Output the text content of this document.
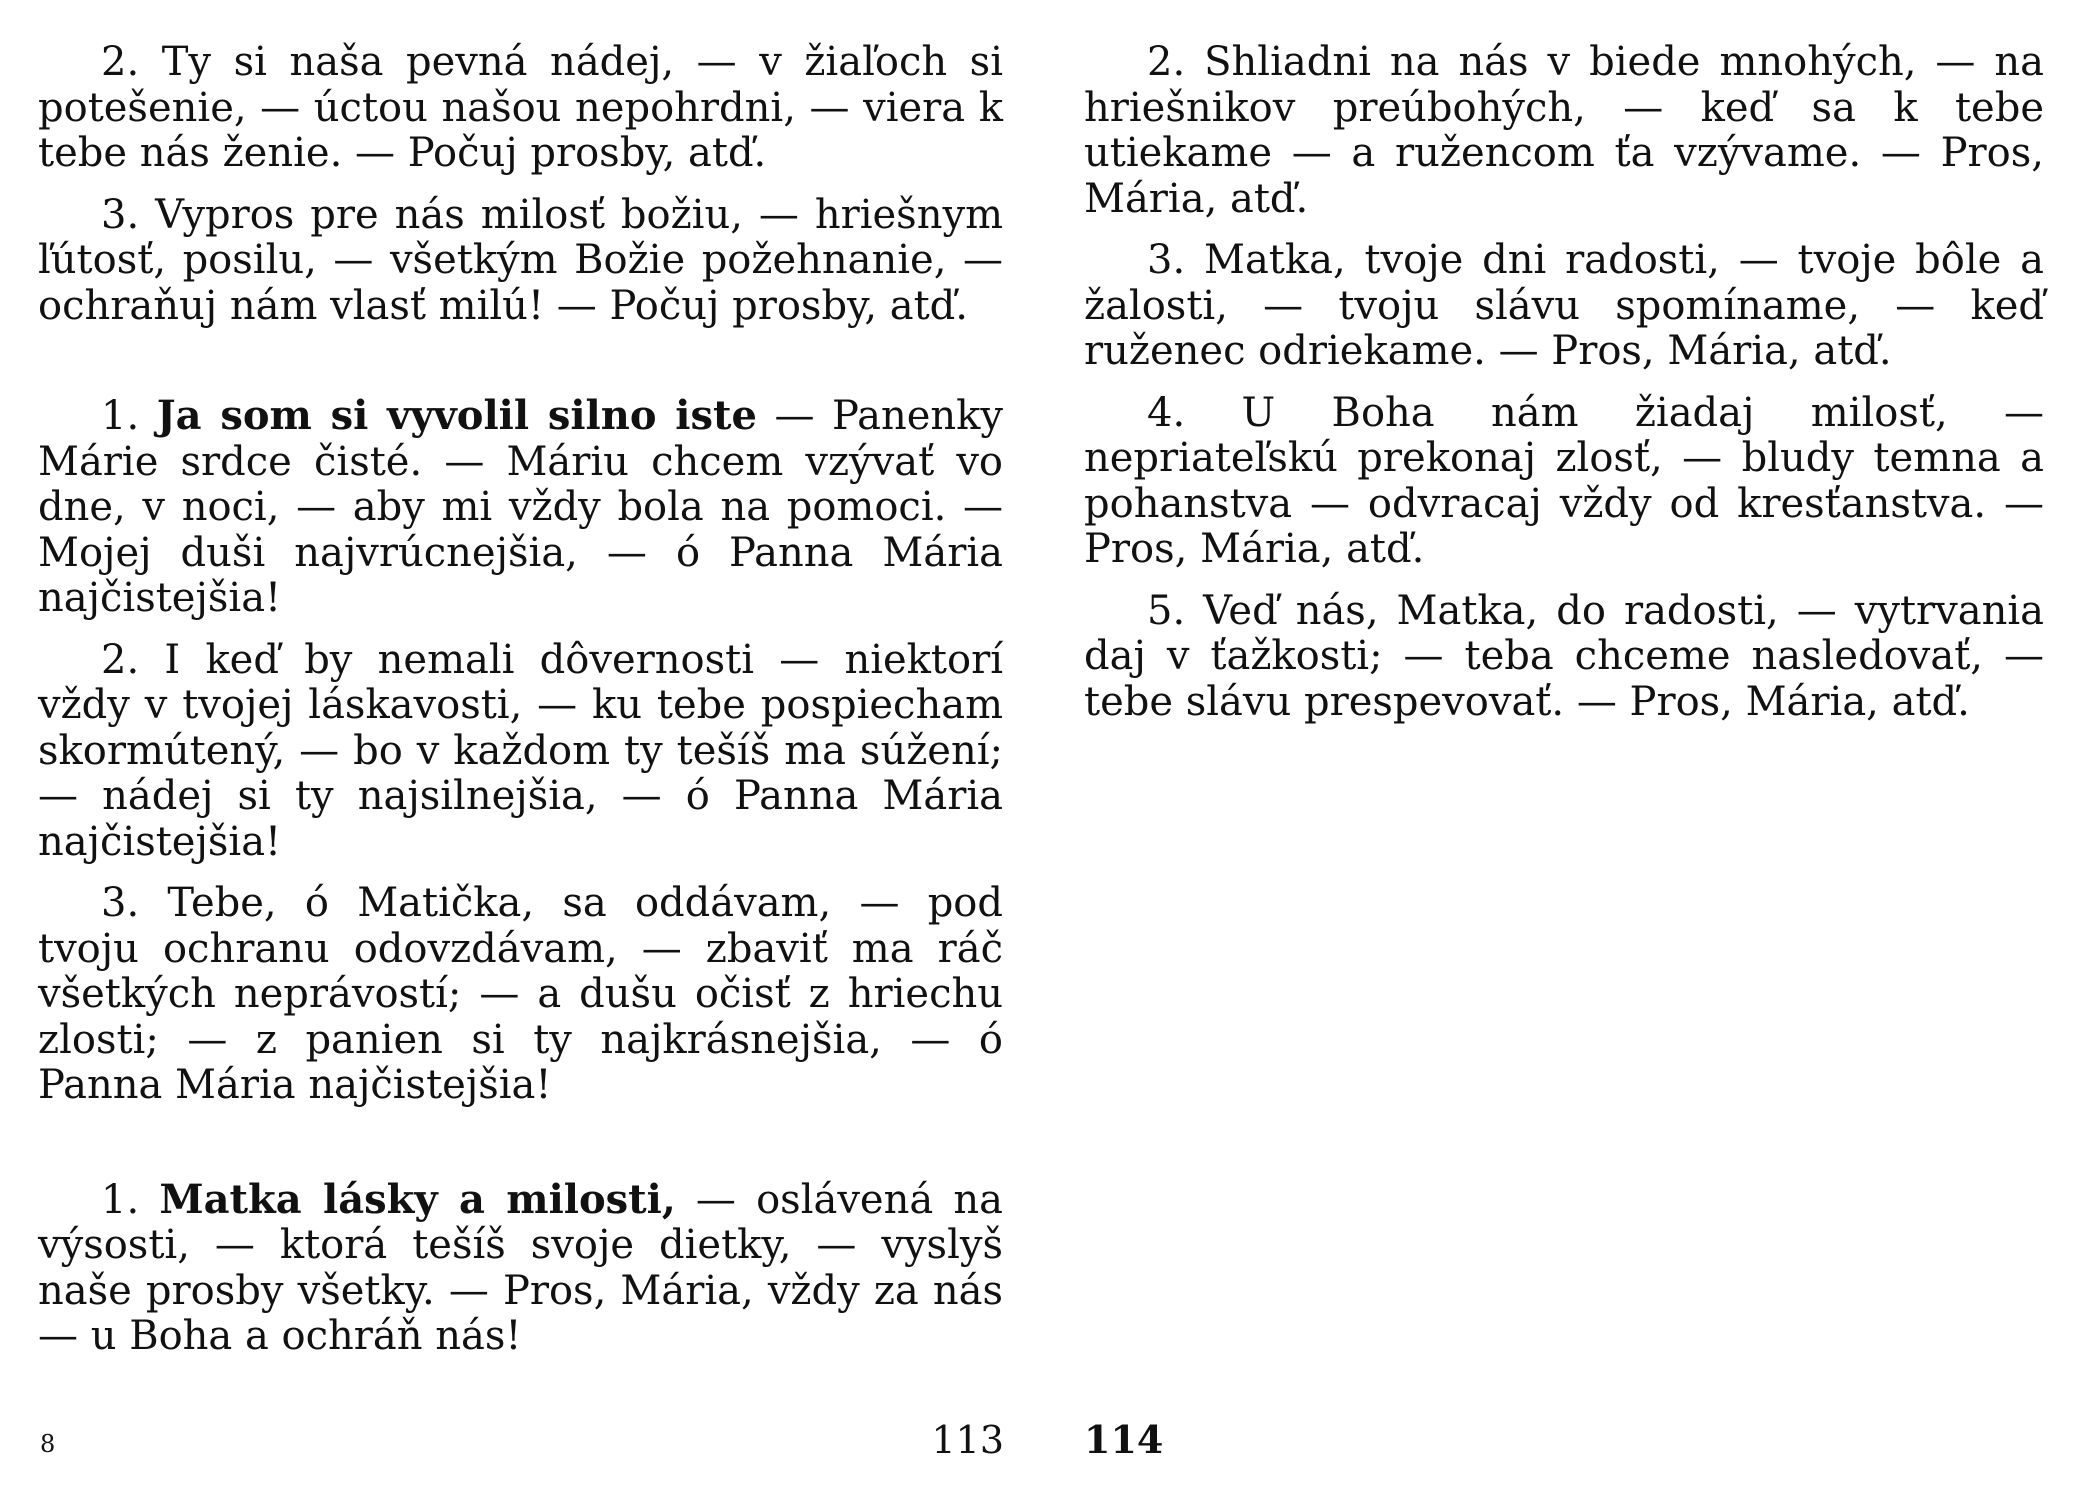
2. Ty si naša pevná nádej, — v žiaľoch si potešenie, — úctou našou nepohrdni, — viera k tebe nás ženie. — Počuj prosby, atď.

3. Vypros pre nás milosť božiu, — hriešnym ľútosť, posilu, — všetkým Božie požehnanie, — ochraňuj nám vlasť milú! — Počuj prosby, atď.

1. Ja som si vyvolil silno iste — Panenky Márie srdce čisté. — Máriu chcem vzývať vo dne, v noci, — aby mi vždy bola na pomoci. — Mojej duši najvrúcnejšia, — ó Panna Mária najčistejšia!

2. I keď by nemali dôvernosti — niektorí vždy v tvojej láskavosti, — ku tebe pospiecham skormútený, — bo v každom ty tešíš ma súžení; — nádej si ty najsilnejšia, — ó Panna Mária najčistejšia!

3. Tebe, ó Matička, sa oddávam, — pod tvoju ochranu odovzdávam, — zbaviť ma ráč všetkých neprávostí; — a dušu očisť z hriechu zlosti; — z panien si ty najkrásnejšia, — ó Panna Mária najčistejšia!

1. Matka lásky a milosti, — oslávená na výsosti, — ktorá tešíš svoje dietky, — vyslyš naše prosby všetky. — Pros, Mária, vždy za nás — u Boha a ochráň nás!

8	113

2. Shliadni na nás v biede mnohých, — na hriešnikov preúbohých, — keď sa k tebe utiekame — a ružencom ťa vzývame. — Pros, Mária, atď.

3. Matka, tvoje dni radosti, — tvoje bôle a žalosti, — tvoju slávu spomíname, — keď ruženec odriekame. — Pros, Mária, atď.

4. U Boha nám žiadaj milosť, — nepriateľskú prekonaj zlosť, — bludy temna a pohanstva — odvracaj vždy od kresťanstva. — Pros, Mária, atď.

5. Veď nás, Matka, do radosti, — vytrvania daj v ťažkosti; — teba chceme nasledovať, — tebe slávu prespevovať. — Pros, Mária, atď.

114
